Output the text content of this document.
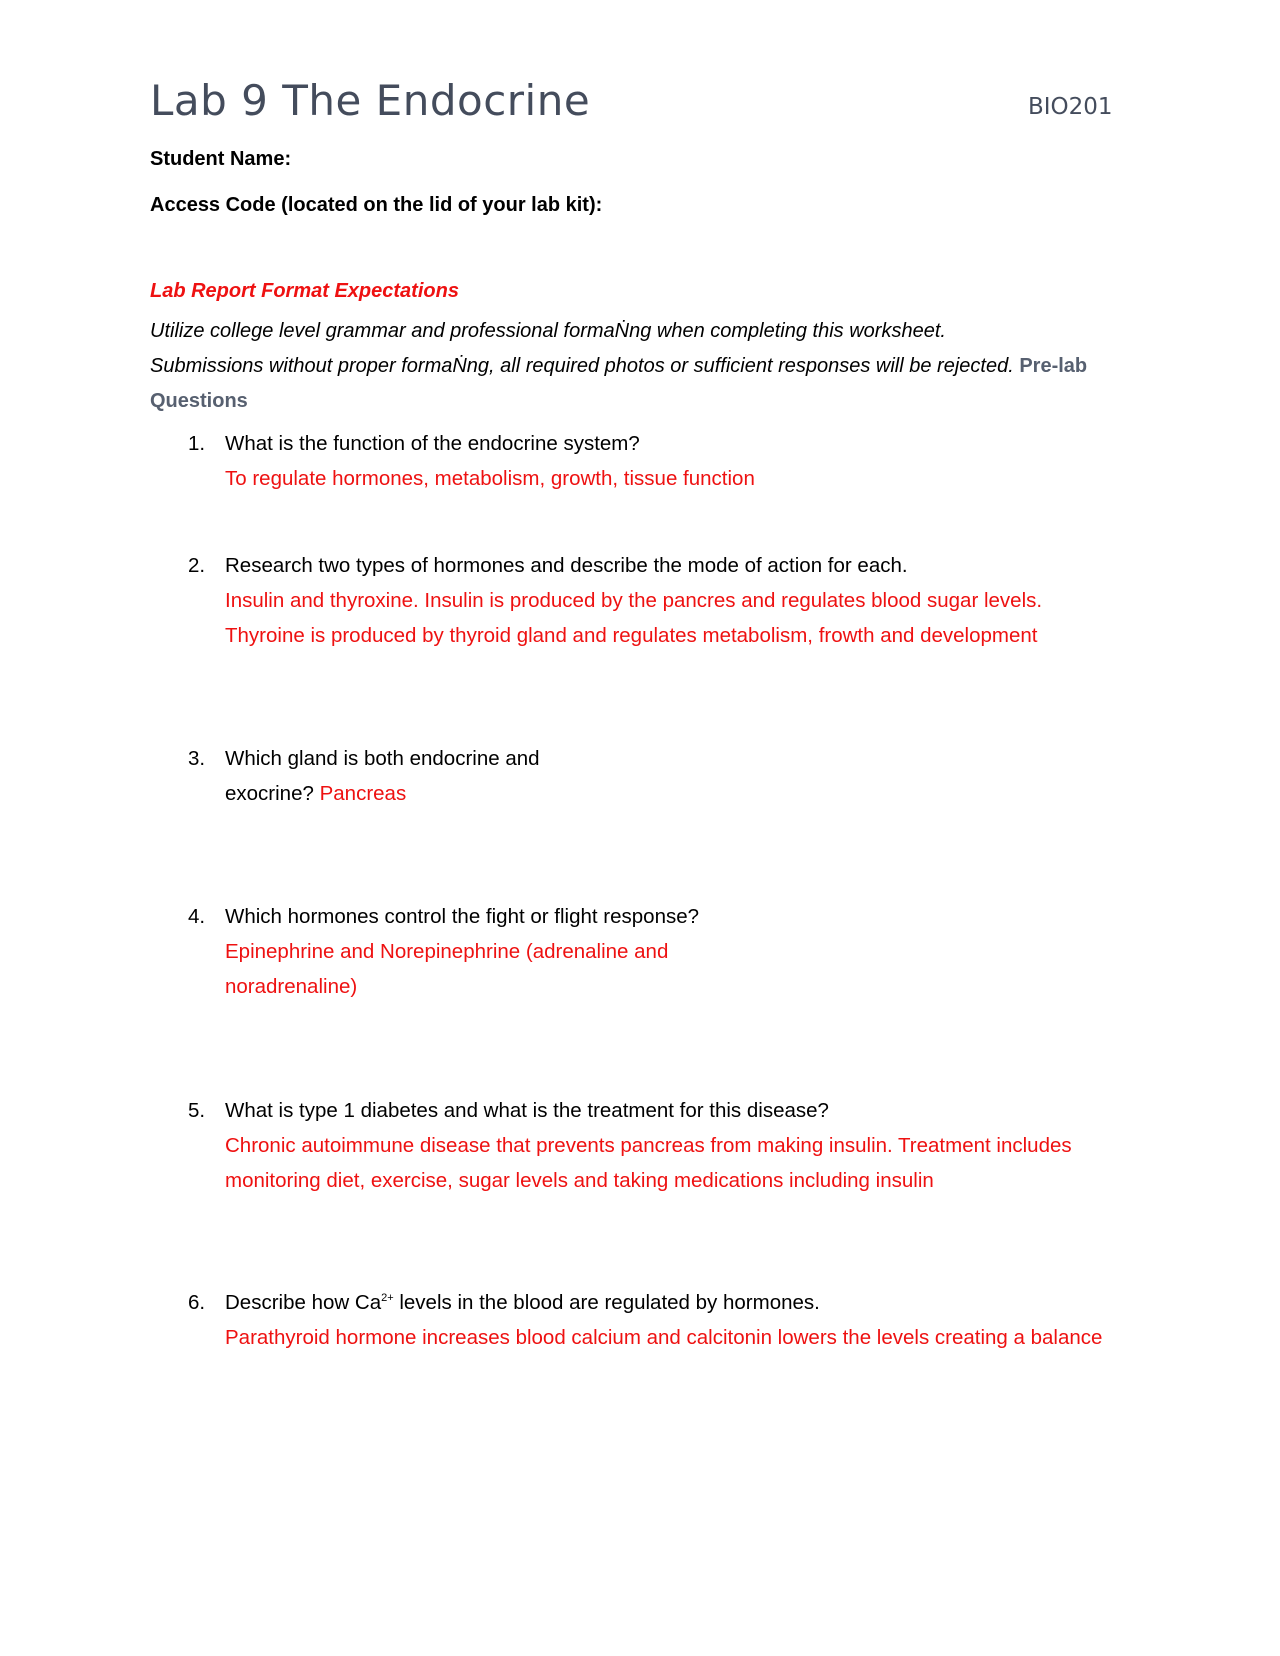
Lab 9 The Endocrine	BIO201
Student Name:
Access Code (located on the lid of your lab kit):
Lab Report Format Expectations
Utilize college level grammar and professional formaṄng when completing this worksheet.
Submissions without proper formaṄng, all required photos or sufficient responses will be rejected. Pre-lab Questions
1. What is the function of the endocrine system?
To regulate hormones, metabolism, growth, tissue function
2. Research two types of hormones and describe the mode of action for each.
Insulin and thyroxine. Insulin is produced by the pancres and regulates blood sugar levels.
Thyroine is produced by thyroid gland and regulates metabolism, frowth and development
3. Which gland is both endocrine and
exocrine? Pancreas
4. Which hormones control the fight or flight response?
Epinephrine and Norepinephrine (adrenaline and
noradrenaline)
5. What is type 1 diabetes and what is the treatment for this disease?
Chronic autoimmune disease that prevents pancreas from making insulin. Treatment includes
monitoring diet, exercise, sugar levels and taking medications including insulin
6. Describe how $Ca^{2+}$ levels in the blood are regulated by hormones.
Parathyroid hormone increases blood calcium and calcitonin lowers the levels creating a balance
